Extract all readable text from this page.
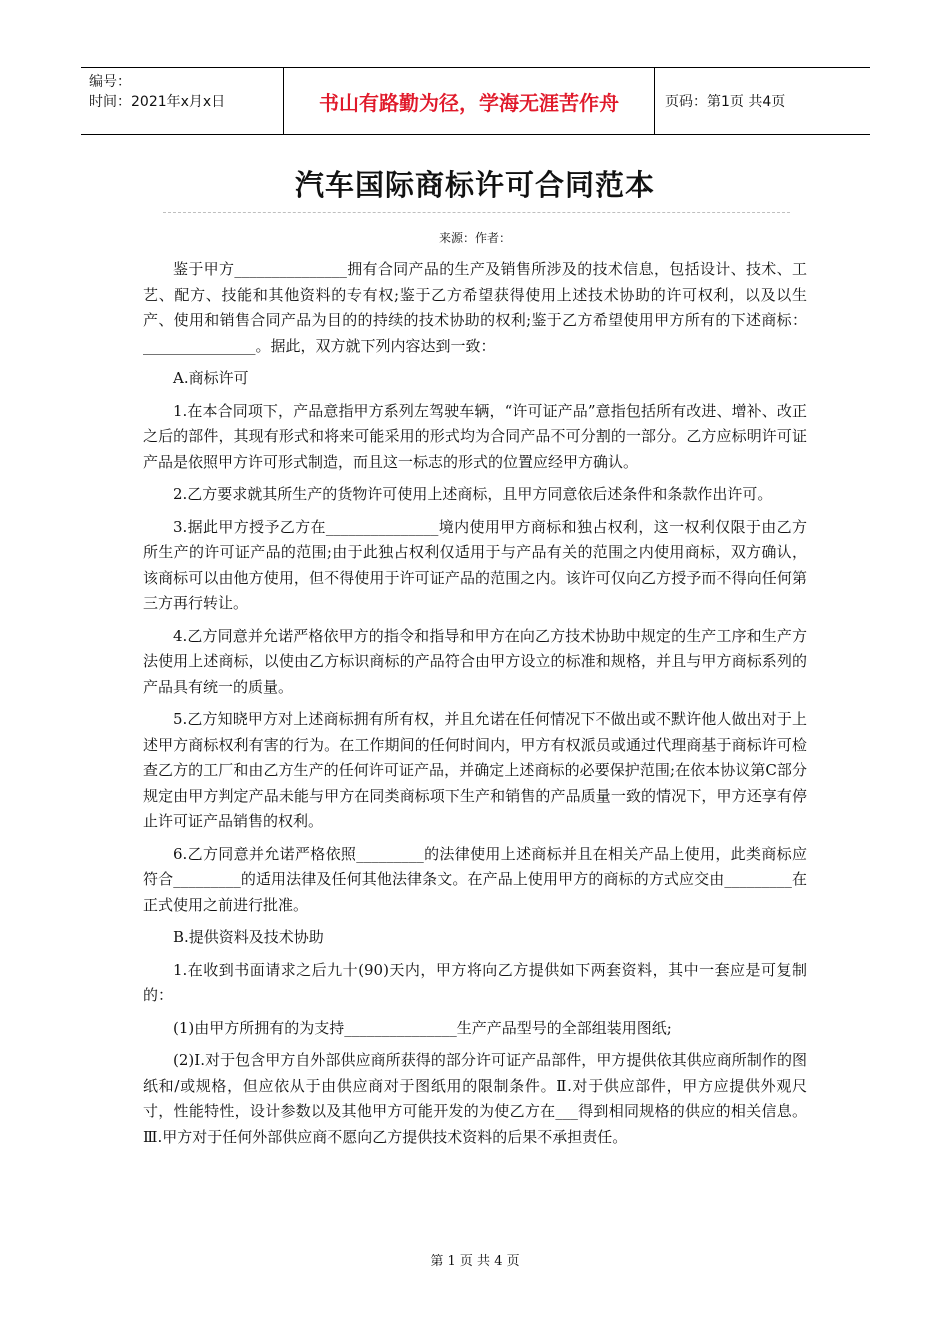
编号：
时间：2021年x月x日	书山有路勤为径，学海无涯苦作舟	页码：第1页 共4页
汽车国际商标许可合同范本
来源：作者：

鉴于甲方_______________拥有合同产品的生产及销售所涉及的技术信息，包括设计、技术、工艺、配方、技能和其他资料的专有权;鉴于乙方希望获得使用上述技术协助的许可权利，以及以生产、使用和销售合同产品为目的的持续的技术协助的权利;鉴于乙方希望使用甲方所有的下述商标：_______________。据此，双方就下列内容达到一致：

A.商标许可

1.在本合同项下，产品意指甲方系列左驾驶车辆，“许可证产品”意指包括所有改进、增补、改正之后的部件，其现有形式和将来可能采用的形式均为合同产品不可分割的一部分。乙方应标明许可证产品是依照甲方许可形式制造，而且这一标志的形式的位置应经甲方确认。

2.乙方要求就其所生产的货物许可使用上述商标，且甲方同意依后述条件和条款作出许可。

3.据此甲方授予乙方在_______________境内使用甲方商标和独占权利，这一权利仅限于由乙方所生产的许可证产品的范围;由于此独占权利仅适用于与产品有关的范围之内使用商标，双方确认，该商标可以由他方使用，但不得使用于许可证产品的范围之内。该许可仅向乙方授予而不得向任何第三方再行转让。

4.乙方同意并允诺严格依甲方的指令和指导和甲方在向乙方技术协助中规定的生产工序和生产方法使用上述商标，以使由乙方标识商标的产品符合由甲方设立的标准和规格，并且与甲方商标系列的产品具有统一的质量。

5.乙方知晓甲方对上述商标拥有所有权，并且允诺在任何情况下不做出或不默许他人做出对于上述甲方商标权利有害的行为。在工作期间的任何时间内，甲方有权派员或通过代理商基于商标许可检查乙方的工厂和由乙方生产的任何许可证产品，并确定上述商标的必要保护范围;在依本协议第C部分规定由甲方判定产品未能与甲方在同类商标项下生产和销售的产品质量一致的情况下，甲方还享有停止许可证产品销售的权利。

6.乙方同意并允诺严格依照_________的法律使用上述商标并且在相关产品上使用，此类商标应符合_________的适用法律及任何其他法律条文。在产品上使用甲方的商标的方式应交由_________在正式使用之前进行批准。

B.提供资料及技术协助

1.在收到书面请求之后九十(90)天内，甲方将向乙方提供如下两套资料，其中一套应是可复制的：

(1)由甲方所拥有的为支持_______________生产产品型号的全部组装用图纸;

(2)Ⅰ.对于包含甲方自外部供应商所获得的部分许可证产品部件，甲方提供依其供应商所制作的图纸和/或规格，但应依从于由供应商对于图纸用的限制条件。Ⅱ.对于供应部件，甲方应提供外观尺寸，性能特性，设计参数以及其他甲方可能开发的为使乙方在___得到相同规格的供应的相关信息。Ⅲ.甲方对于任何外部供应商不愿向乙方提供技术资料的后果不承担责任。

第 1 页 共 4 页
